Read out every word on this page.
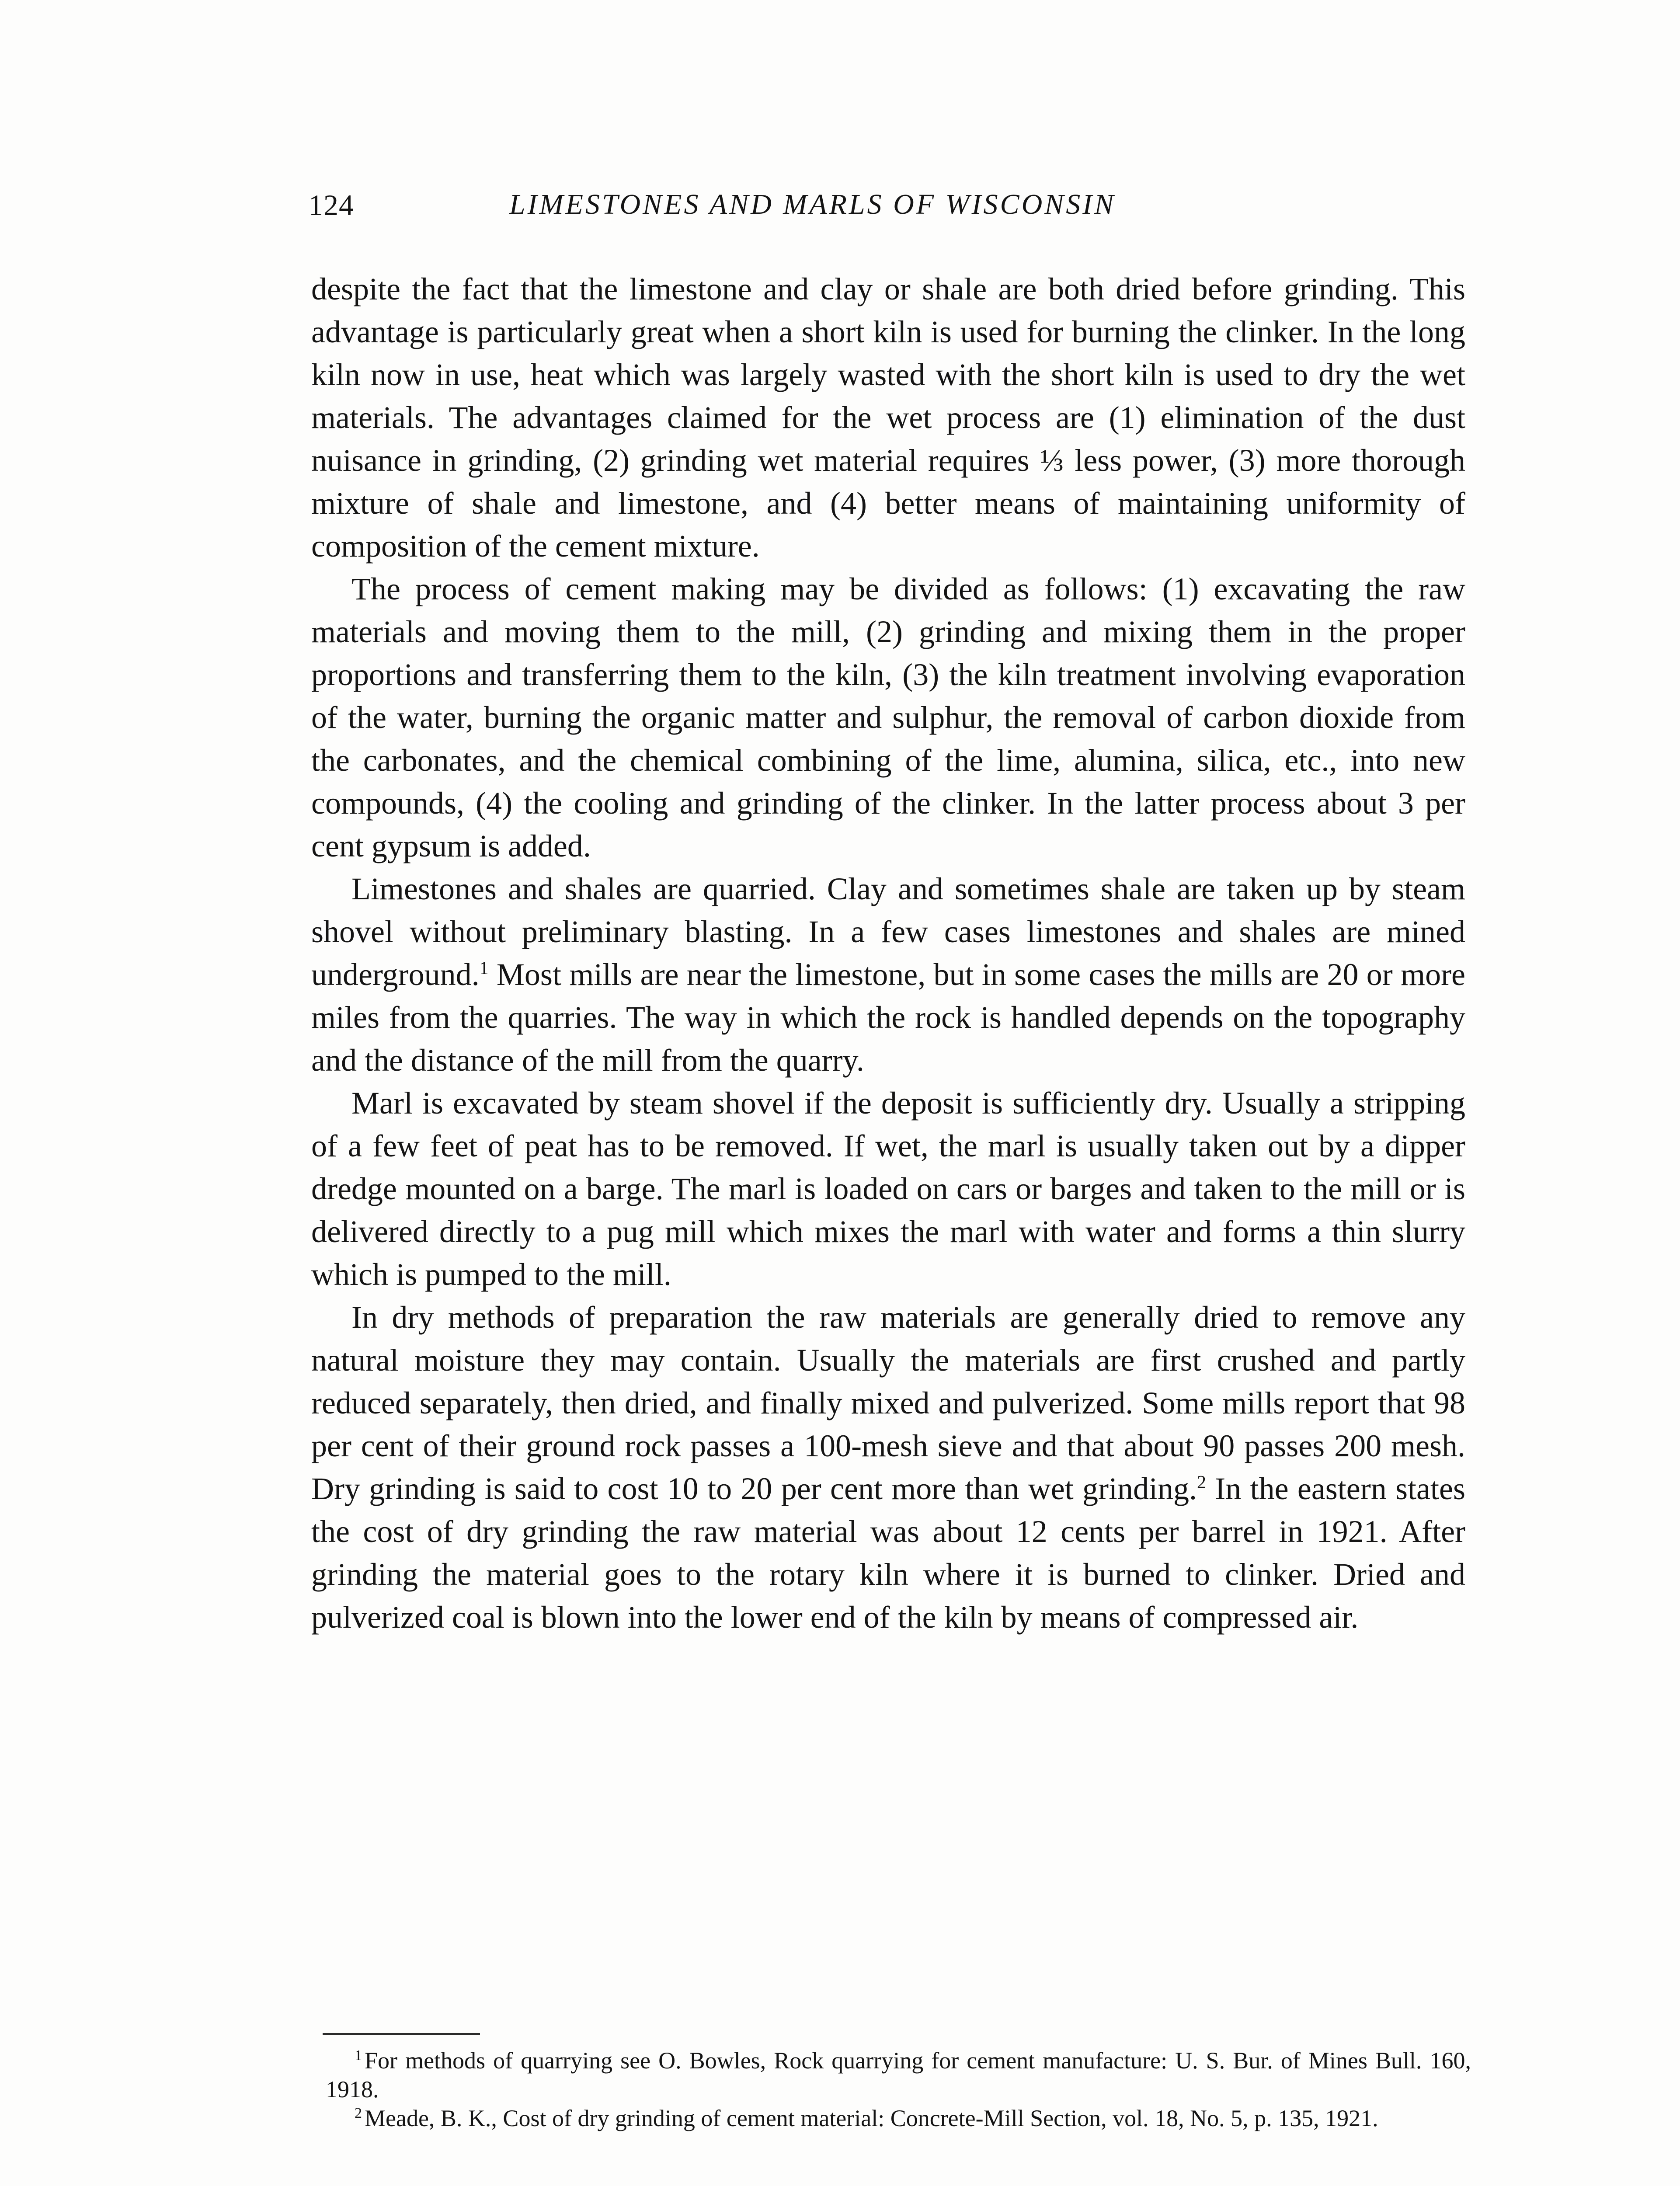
124	LIMESTONES AND MARLS OF WISCONSIN

despite the fact that the limestone and clay or shale are both dried before grinding. This advantage is particularly great when a short kiln is used for burning the clinker. In the long kiln now in use, heat which was largely wasted with the short kiln is used to dry the wet materials. The advantages claimed for the wet process are (1) elimination of the dust nuisance in grinding, (2) grinding wet material requires ⅓ less power, (3) more thorough mixture of shale and limestone, and (4) better means of maintaining uniformity of composition of the cement mixture.

The process of cement making may be divided as follows: (1) excavating the raw materials and moving them to the mill, (2) grinding and mixing them in the proper proportions and transferring them to the kiln, (3) the kiln treatment involving evaporation of the water, burning the organic matter and sulphur, the removal of carbon dioxide from the carbonates, and the chemical combining of the lime, alumina, silica, etc., into new compounds, (4) the cooling and grinding of the clinker. In the latter process about 3 per cent gypsum is added.

Limestones and shales are quarried. Clay and sometimes shale are taken up by steam shovel without preliminary blasting. In a few cases limestones and shales are mined underground.$^1$ Most mills are near the limestone, but in some cases the mills are 20 or more miles from the quarries. The way in which the rock is handled depends on the topography and the distance of the mill from the quarry.

Marl is excavated by steam shovel if the deposit is sufficiently dry. Usually a stripping of a few feet of peat has to be removed. If wet, the marl is usually taken out by a dipper dredge mounted on a barge. The marl is loaded on cars or barges and taken to the mill or is delivered directly to a pug mill which mixes the marl with water and forms a thin slurry which is pumped to the mill.

In dry methods of preparation the raw materials are generally dried to remove any natural moisture they may contain. Usually the materials are first crushed and partly reduced separately, then dried, and finally mixed and pulverized. Some mills report that 98 per cent of their ground rock passes a 100-mesh sieve and that about 90 passes 200 mesh. Dry grinding is said to cost 10 to 20 per cent more than wet grinding.$^2$ In the eastern states the cost of dry grinding the raw material was about 12 cents per barrel in 1921. After grinding the material goes to the rotary kiln where it is burned to clinker. Dried and pulverized coal is blown into the lower end of the kiln by means of compressed air.

$^1$ For methods of quarrying see O. Bowles, Rock quarrying for cement manufacture: U. S. Bur. of Mines Bull. 160, 1918.

$^2$ Meade, B. K., Cost of dry grinding of cement material: Concrete-Mill Section, vol. 18, No. 5, p. 135, 1921.
